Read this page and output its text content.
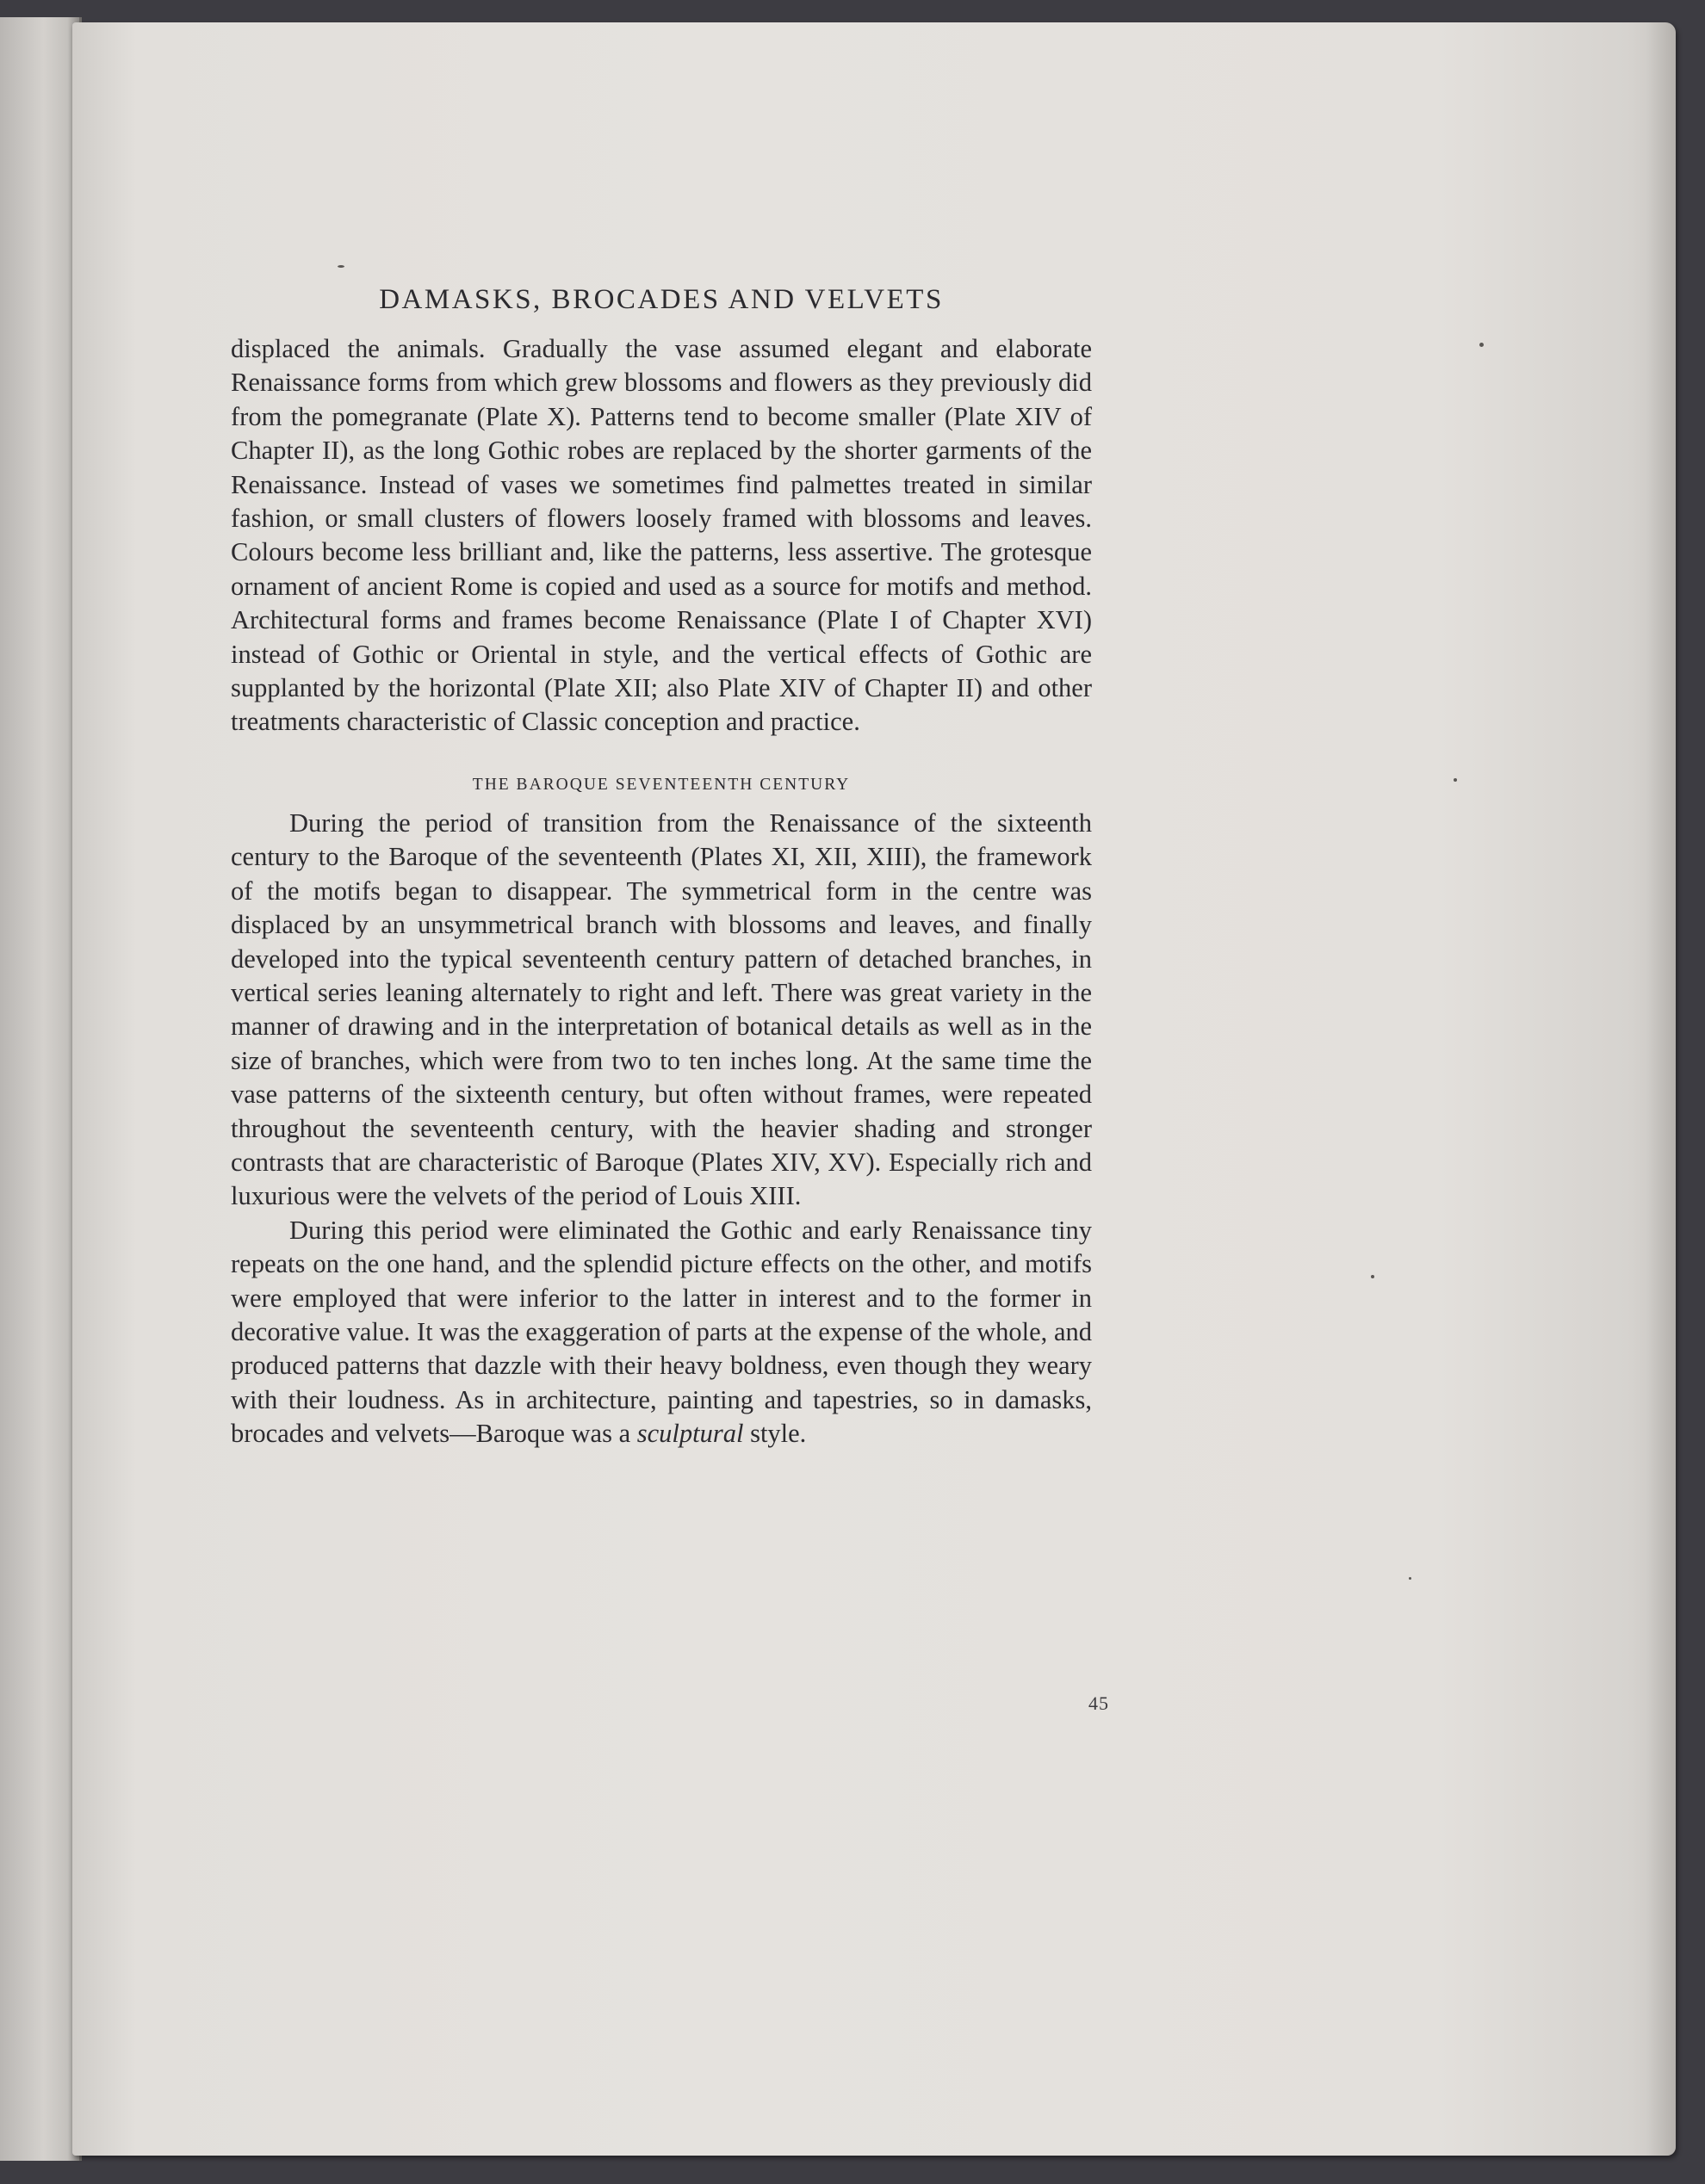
DAMASKS, BROCADES AND VELVETS

displaced the animals. Gradually the vase assumed elegant and elaborate Renaissance forms from which grew blossoms and flowers as they previously did from the pomegranate (Plate X). Patterns tend to become smaller (Plate XIV of Chapter II), as the long Gothic robes are replaced by the shorter garments of the Renaissance. Instead of vases we sometimes find palmettes treated in similar fashion, or small clusters of flowers loosely framed with blossoms and leaves. Colours become less brilliant and, like the patterns, less assertive. The grotesque ornament of ancient Rome is copied and used as a source for motifs and method. Architectural forms and frames become Renaissance (Plate I of Chapter XVI) instead of Gothic or Oriental in style, and the vertical effects of Gothic are supplanted by the horizontal (Plate XII; also Plate XIV of Chapter II) and other treatments characteristic of Classic conception and practice.

THE BAROQUE SEVENTEENTH CENTURY

During the period of transition from the Renaissance of the sixteenth century to the Baroque of the seventeenth (Plates XI, XII, XIII), the framework of the motifs began to disappear. The symmetrical form in the centre was displaced by an unsymmetrical branch with blossoms and leaves, and finally developed into the typical seventeenth century pattern of detached branches, in vertical series leaning alternately to right and left. There was great variety in the manner of drawing and in the interpretation of botanical details as well as in the size of branches, which were from two to ten inches long. At the same time the vase patterns of the sixteenth century, but often without frames, were repeated throughout the seventeenth century, with the heavier shading and stronger contrasts that are characteristic of Baroque (Plates XIV, XV). Especially rich and luxurious were the velvets of the period of Louis XIII.

During this period were eliminated the Gothic and early Renaissance tiny repeats on the one hand, and the splendid picture effects on the other, and motifs were employed that were inferior to the latter in interest and to the former in decorative value. It was the exaggeration of parts at the expense of the whole, and produced patterns that dazzle with their heavy boldness, even though they weary with their loudness. As in architecture, painting and tapestries, so in damasks, brocades and velvets—Baroque was a sculptural style.

45
